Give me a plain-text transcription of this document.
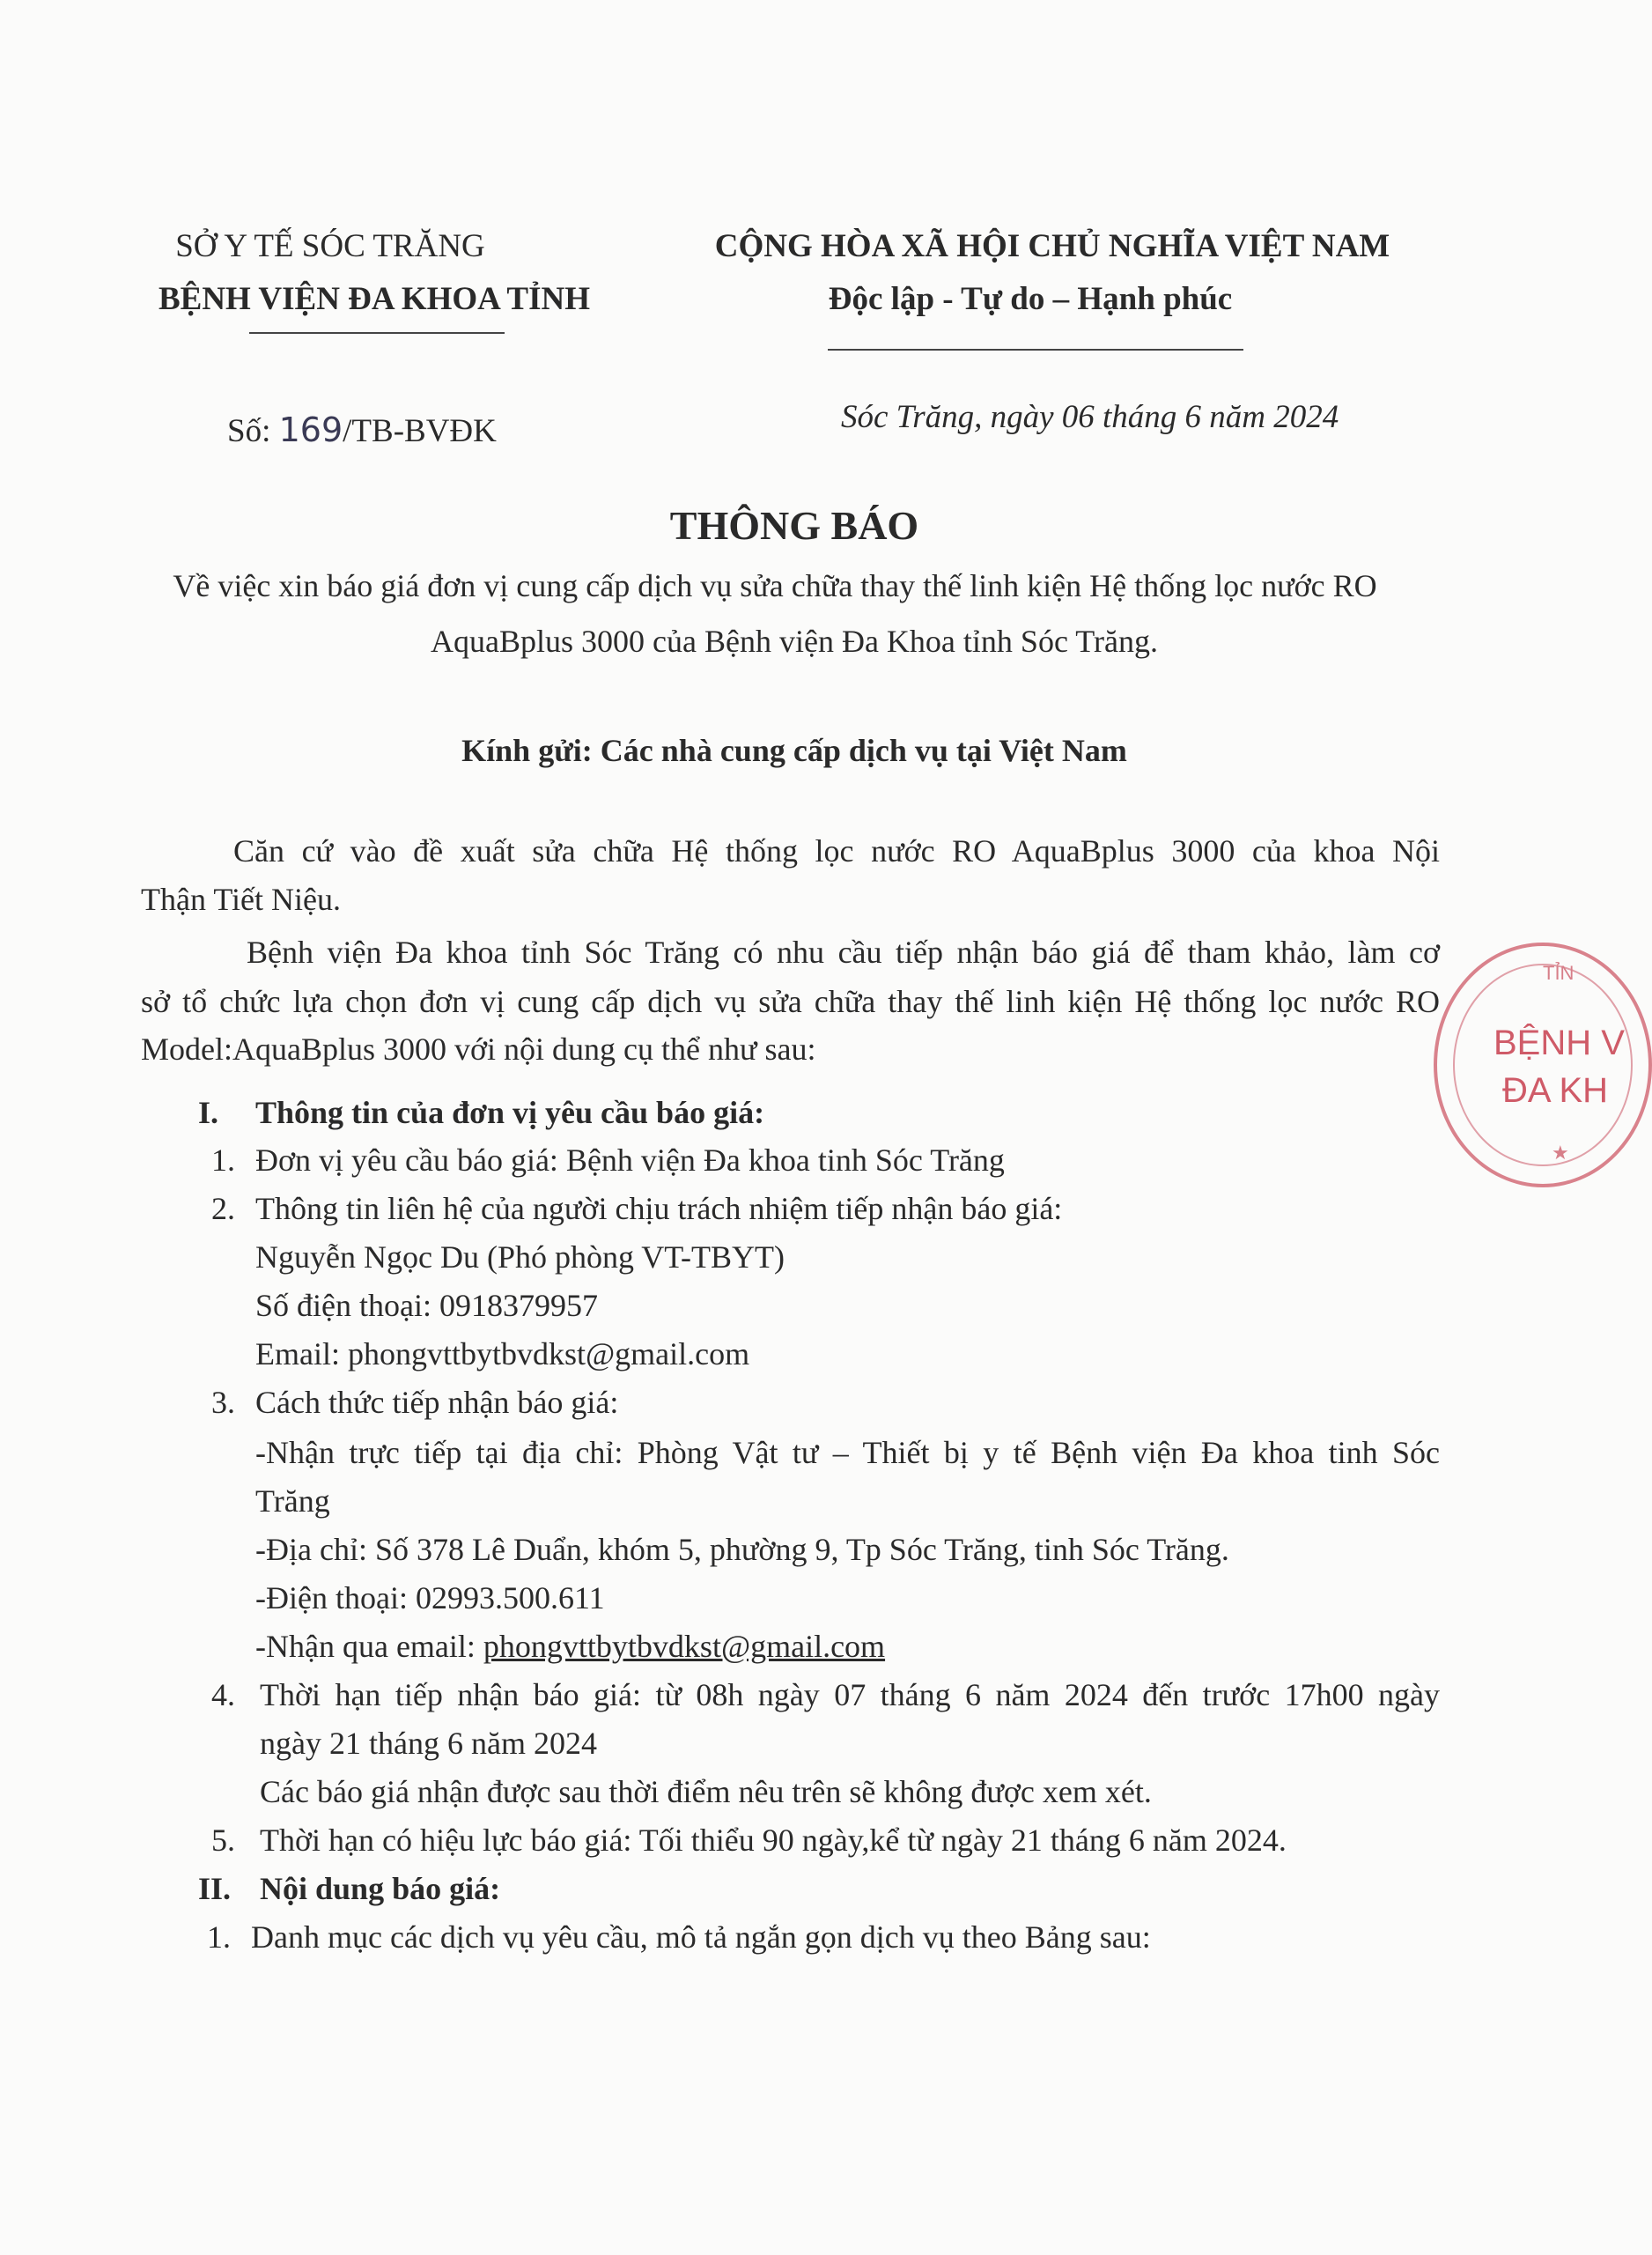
SỞ Y TẾ SÓC TRĂNG
BỆNH VIỆN ĐA KHOA TỈNH
CỘNG HÒA XÃ HỘI CHỦ NGHĨA VIỆT NAM
Độc lập - Tự do – Hạnh phúc
Số: 169/TB-BVĐK	Sóc Trăng, ngày 06 tháng 6 năm 2024
THÔNG BÁO
Về việc xin báo giá đơn vị cung cấp dịch vụ sửa chữa thay thế linh kiện Hệ thống lọc nước RO
AquaBplus 3000 của Bệnh viện Đa Khoa tỉnh Sóc Trăng.
Kính gửi: Các nhà cung cấp dịch vụ tại Việt Nam
Căn cứ vào đề xuất sửa chữa Hệ thống lọc nước RO AquaBplus 3000 của khoa Nội
Thận Tiết Niệu.
Bệnh viện Đa khoa tỉnh Sóc Trăng có nhu cầu tiếp nhận báo giá để tham khảo, làm cơ
sở tổ chức lựa chọn đơn vị cung cấp dịch vụ sửa chữa thay thế linh kiện Hệ thống lọc nước RO
Model:AquaBplus 3000 với nội dung cụ thể như sau:
I. Thông tin của đơn vị yêu cầu báo giá:
1. Đơn vị yêu cầu báo giá: Bệnh viện Đa khoa tinh Sóc Trăng
2. Thông tin liên hệ của người chịu trách nhiệm tiếp nhận báo giá:
Nguyễn Ngọc Du (Phó phòng VT-TBYT)
Số điện thoại: 0918379957
Email: phongvttbytbvdkst@gmail.com
3. Cách thức tiếp nhận báo giá:
-Nhận trực tiếp tại địa chỉ: Phòng Vật tư – Thiết bị y tế Bệnh viện Đa khoa tinh Sóc
Trăng
-Địa chỉ: Số 378 Lê Duẩn, khóm 5, phường 9, Tp Sóc Trăng, tinh Sóc Trăng.
-Điện thoại: 02993.500.611
-Nhận qua email: phongvttbytbvdkst@gmail.com
4. Thời hạn tiếp nhận báo giá: từ 08h ngày 07 tháng 6 năm 2024 đến trước 17h00 ngày
ngày 21 tháng 6 năm 2024
Các báo giá nhận được sau thời điểm nêu trên sẽ không được xem xét.
5. Thời hạn có hiệu lực báo giá: Tối thiểu 90 ngày,kể từ ngày 21 tháng 6 năm 2024.
II. Nội dung báo giá:
1. Danh mục các dịch vụ yêu cầu, mô tả ngắn gọn dịch vụ theo Bảng sau:
TỈN
BỆNH V
ĐA KH
★
